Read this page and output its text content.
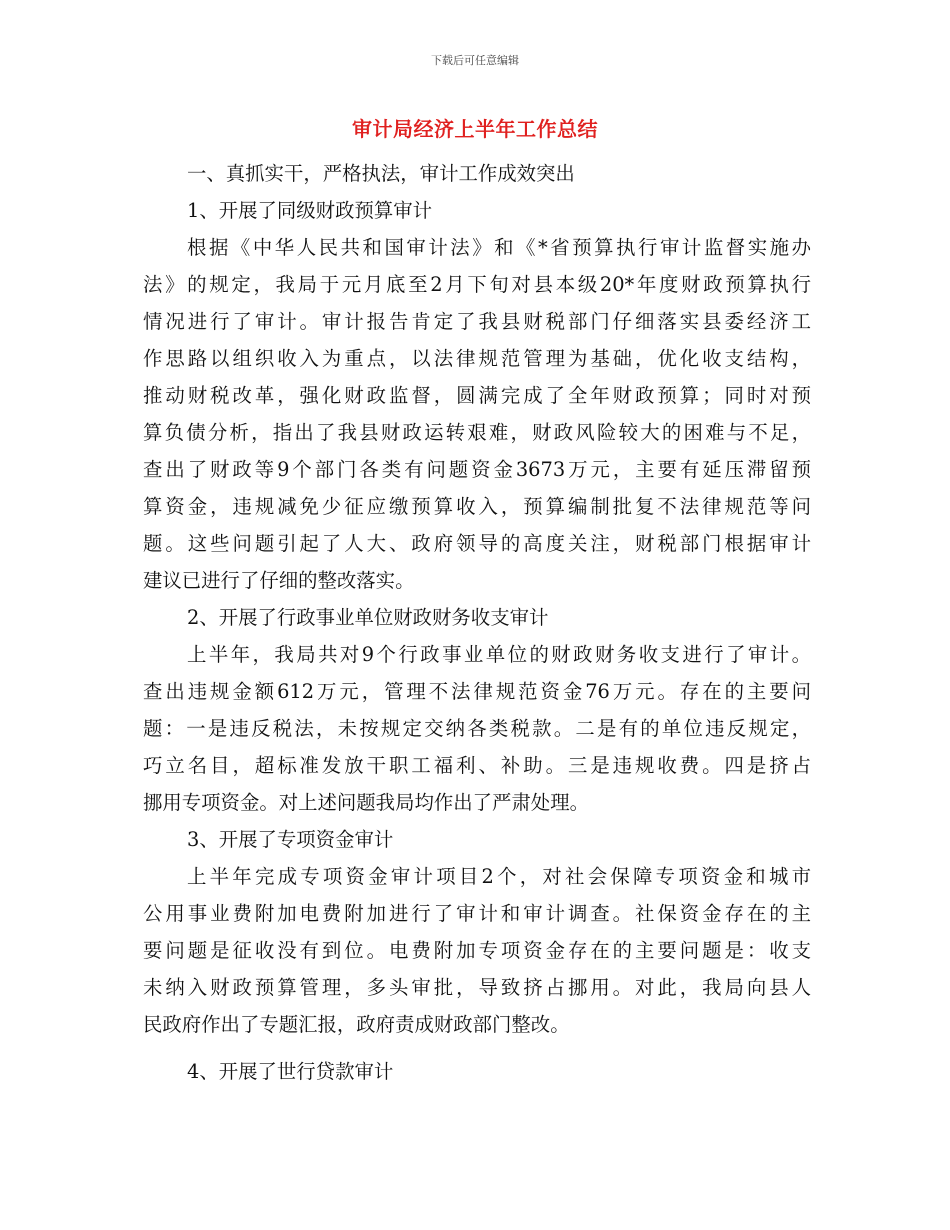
下载后可任意编辑
审计局经济上半年工作总结
一、真抓实干，严格执法，审计工作成效突出
1、开展了同级财政预算审计
根据《中华人民共和国审计法》和《*省预算执行审计监督实施办
法》的规定，我局于元月底至2月下旬对县本级20*年度财政预算执行
情况进行了审计。审计报告肯定了我县财税部门仔细落实县委经济工
作思路以组织收入为重点，以法律规范管理为基础，优化收支结构，
推动财税改革，强化财政监督，圆满完成了全年财政预算；同时对预
算负债分析，指出了我县财政运转艰难，财政风险较大的困难与不足，
查出了财政等9个部门各类有问题资金3673万元，主要有延压滞留预
算资金，违规减免少征应缴预算收入，预算编制批复不法律规范等问
题。这些问题引起了人大、政府领导的高度关注，财税部门根据审计
建议已进行了仔细的整改落实。
2、开展了行政事业单位财政财务收支审计
上半年，我局共对9个行政事业单位的财政财务收支进行了审计。
查出违规金额612万元，管理不法律规范资金76万元。存在的主要问
题：一是违反税法，未按规定交纳各类税款。二是有的单位违反规定，
巧立名目，超标准发放干职工福利、补助。三是违规收费。四是挤占
挪用专项资金。对上述问题我局均作出了严肃处理。
3、开展了专项资金审计
上半年完成专项资金审计项目2个，对社会保障专项资金和城市
公用事业费附加电费附加进行了审计和审计调查。社保资金存在的主
要问题是征收没有到位。电费附加专项资金存在的主要问题是：收支
未纳入财政预算管理，多头审批，导致挤占挪用。对此，我局向县人
民政府作出了专题汇报，政府责成财政部门整改。
4、开展了世行贷款审计
